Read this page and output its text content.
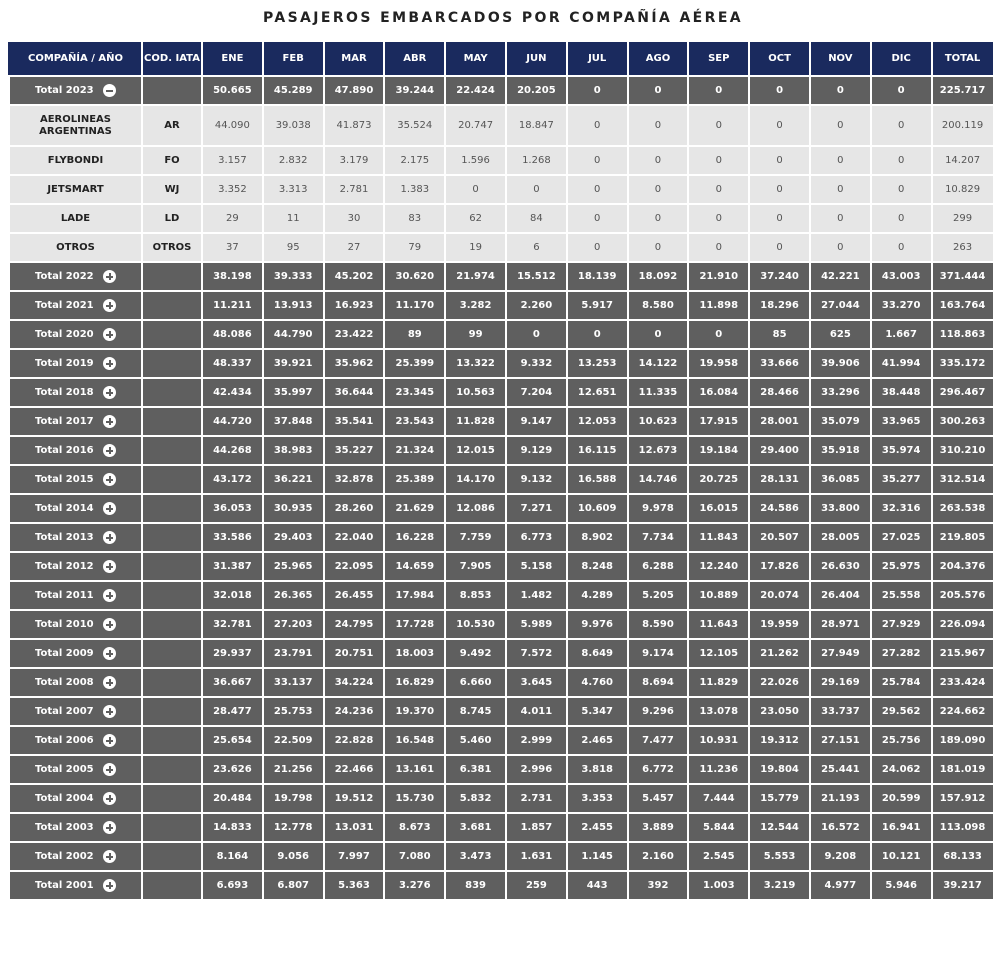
PASAJEROS EMBARCADOS POR COMPAÑÍA AÉREA
COMPAÑÍA / AÑO	COD. IATA	ENE	FEB	MAR	ABR	MAY	JUN	JUL	AGO	SEP	OCT	NOV	DIC	TOTAL

Total 2023		50.665	45.289	47.890	39.244	22.424	20.205	0	0	0	0	0	0	225.717
AEROLINEAS ARGENTINAS	AR	44.090	39.038	41.873	35.524	20.747	18.847	0	0	0	0	0	0	200.119
FLYBONDI	FO	3.157	2.832	3.179	2.175	1.596	1.268	0	0	0	0	0	0	14.207
JETSMART	WJ	3.352	3.313	2.781	1.383	0	0	0	0	0	0	0	0	10.829
LADE	LD	29	11	30	83	62	84	0	0	0	0	0	0	299
OTROS	OTROS	37	95	27	79	19	6	0	0	0	0	0	0	263

Total 2022		38.198	39.333	45.202	30.620	21.974	15.512	18.139	18.092	21.910	37.240	42.221	43.003	371.444

Total 2021		11.211	13.913	16.923	11.170	3.282	2.260	5.917	8.580	11.898	18.296	27.044	33.270	163.764

Total 2020		48.086	44.790	23.422	89	99	0	0	0	0	85	625	1.667	118.863

Total 2019		48.337	39.921	35.962	25.399	13.322	9.332	13.253	14.122	19.958	33.666	39.906	41.994	335.172

Total 2018		42.434	35.997	36.644	23.345	10.563	7.204	12.651	11.335	16.084	28.466	33.296	38.448	296.467

Total 2017		44.720	37.848	35.541	23.543	11.828	9.147	12.053	10.623	17.915	28.001	35.079	33.965	300.263

Total 2016		44.268	38.983	35.227	21.324	12.015	9.129	16.115	12.673	19.184	29.400	35.918	35.974	310.210

Total 2015		43.172	36.221	32.878	25.389	14.170	9.132	16.588	14.746	20.725	28.131	36.085	35.277	312.514

Total 2014		36.053	30.935	28.260	21.629	12.086	7.271	10.609	9.978	16.015	24.586	33.800	32.316	263.538

Total 2013		33.586	29.403	22.040	16.228	7.759	6.773	8.902	7.734	11.843	20.507	28.005	27.025	219.805

Total 2012		31.387	25.965	22.095	14.659	7.905	5.158	8.248	6.288	12.240	17.826	26.630	25.975	204.376

Total 2011		32.018	26.365	26.455	17.984	8.853	1.482	4.289	5.205	10.889	20.074	26.404	25.558	205.576

Total 2010		32.781	27.203	24.795	17.728	10.530	5.989	9.976	8.590	11.643	19.959	28.971	27.929	226.094

Total 2009		29.937	23.791	20.751	18.003	9.492	7.572	8.649	9.174	12.105	21.262	27.949	27.282	215.967

Total 2008		36.667	33.137	34.224	16.829	6.660	3.645	4.760	8.694	11.829	22.026	29.169	25.784	233.424

Total 2007		28.477	25.753	24.236	19.370	8.745	4.011	5.347	9.296	13.078	23.050	33.737	29.562	224.662

Total 2006		25.654	22.509	22.828	16.548	5.460	2.999	2.465	7.477	10.931	19.312	27.151	25.756	189.090

Total 2005		23.626	21.256	22.466	13.161	6.381	2.996	3.818	6.772	11.236	19.804	25.441	24.062	181.019

Total 2004		20.484	19.798	19.512	15.730	5.832	2.731	3.353	5.457	7.444	15.779	21.193	20.599	157.912

Total 2003		14.833	12.778	13.031	8.673	3.681	1.857	2.455	3.889	5.844	12.544	16.572	16.941	113.098

Total 2002		8.164	9.056	7.997	7.080	3.473	1.631	1.145	2.160	2.545	5.553	9.208	10.121	68.133

Total 2001		6.693	6.807	5.363	3.276	839	259	443	392	1.003	3.219	4.977	5.946	39.217
